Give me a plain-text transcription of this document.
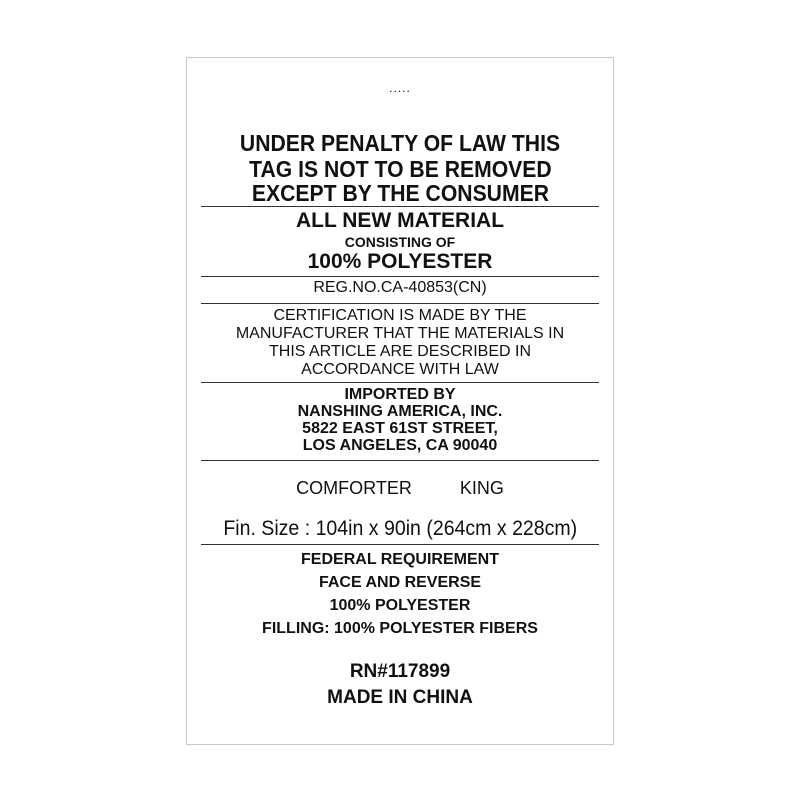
.....
UNDER PENALTY OF LAW THIS
TAG IS NOT TO BE REMOVED
EXCEPT BY THE CONSUMER
ALL NEW MATERIAL
CONSISTING OF
100% POLYESTER
REG.NO.CA-40853(CN)
CERTIFICATION IS MADE BY THE
MANUFACTURER THAT THE MATERIALS IN
THIS ARTICLE ARE DESCRIBED IN
ACCORDANCE WITH LAW
IMPORTED BY
NANSHING AMERICA, INC.
5822 EAST 61ST STREET,
LOS ANGELES, CA 90040
COMFORTER	KING
Fin. Size : 104in x 90in (264cm x 228cm)
FEDERAL REQUIREMENT
FACE AND REVERSE
100% POLYESTER
FILLING: 100% POLYESTER FIBERS
RN#117899
MADE IN CHINA
